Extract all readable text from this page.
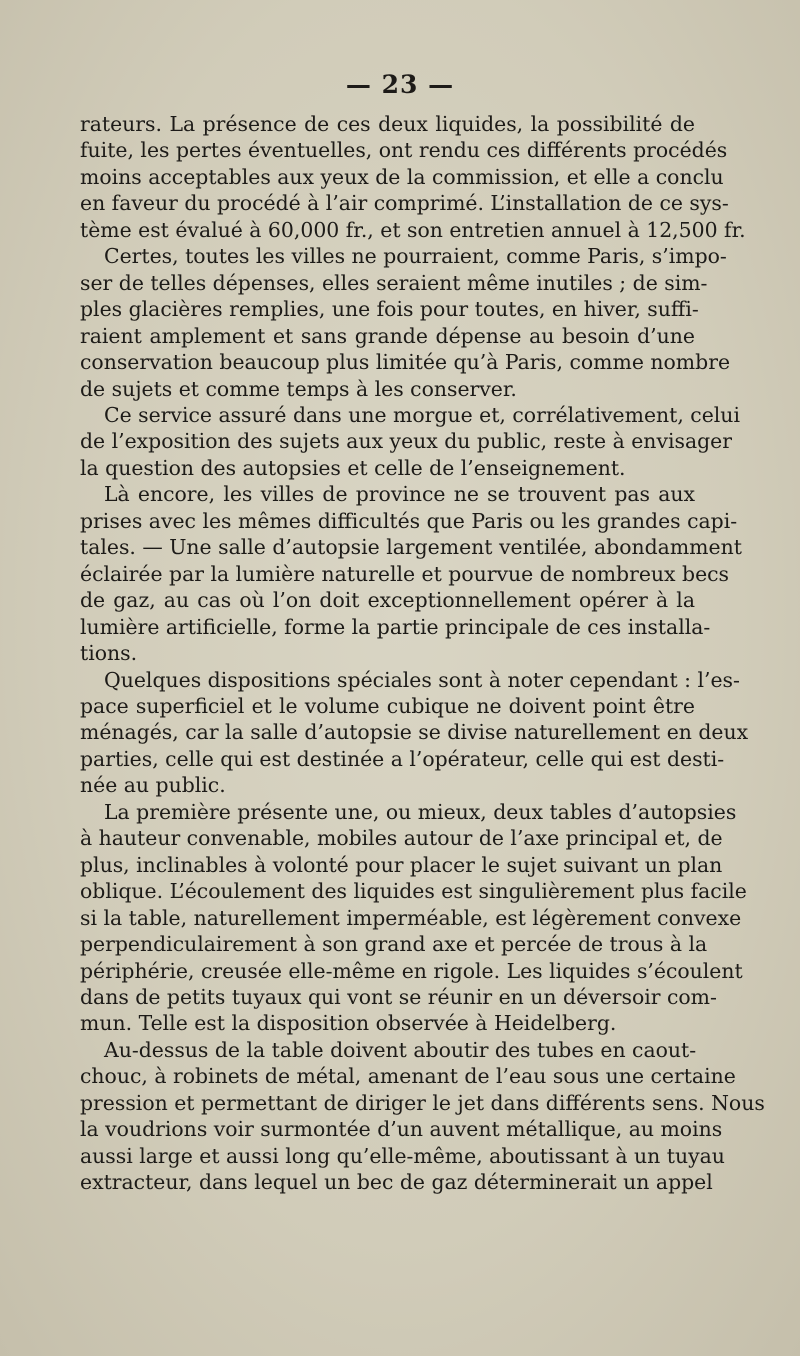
— 23 —

rateurs. La présence de ces deux liquides, la possibilité de
fuite, les pertes éventuelles, ont rendu ces différents procédés
moins acceptables aux yeux de la commission, et elle a conclu
en faveur du procédé à l’air comprimé. L’installation de ce sys-
tème est évalué à 60,000 fr., et son entretien annuel à 12,500 fr.

Certes, toutes les villes ne pourraient, comme Paris, s’impo-
ser de telles dépenses, elles seraient même inutiles ; de sim-
ples glacières remplies, une fois pour toutes, en hiver, suffi-
raient amplement et sans grande dépense au besoin d’une
conservation beaucoup plus limitée qu’à Paris, comme nombre
de sujets et comme temps à les conserver.

Ce service assuré dans une morgue et, corrélativement, celui
de l’exposition des sujets aux yeux du public, reste à envisager
la question des autopsies et celle de l’enseignement.

Là encore, les villes de province ne se trouvent pas aux
prises avec les mêmes difficultés que Paris ou les grandes capi-
tales. — Une salle d’autopsie largement ventilée, abondamment
éclairée par la lumière naturelle et pourvue de nombreux becs
de gaz, au cas où l’on doit exceptionnellement opérer à la
lumière artificielle, forme la partie principale de ces installa-
tions.

Quelques dispositions spéciales sont à noter cependant : l’es-
pace superficiel et le volume cubique ne doivent point être
ménagés, car la salle d’autopsie se divise naturellement en deux
parties, celle qui est destinée a l’opérateur, celle qui est desti-
née au public.

La première présente une, ou mieux, deux tables d’autopsies
à hauteur convenable, mobiles autour de l’axe principal et, de
plus, inclinables à volonté pour placer le sujet suivant un plan
oblique. L’écoulement des liquides est singulièrement plus facile
si la table, naturellement imperméable, est légèrement convexe
perpendiculairement à son grand axe et percée de trous à la
périphérie, creusée elle-même en rigole. Les liquides s’écoulent
dans de petits tuyaux qui vont se réunir en un déversoir com-
mun. Telle est la disposition observée à Heidelberg.

Au-dessus de la table doivent aboutir des tubes en caout-
chouc, à robinets de métal, amenant de l’eau sous une certaine
pression et permettant de diriger le jet dans différents sens. Nous
la voudrions voir surmontée d’un auvent métallique, au moins
aussi large et aussi long qu’elle-même, aboutissant à un tuyau
extracteur, dans lequel un bec de gaz déterminerait un appel
